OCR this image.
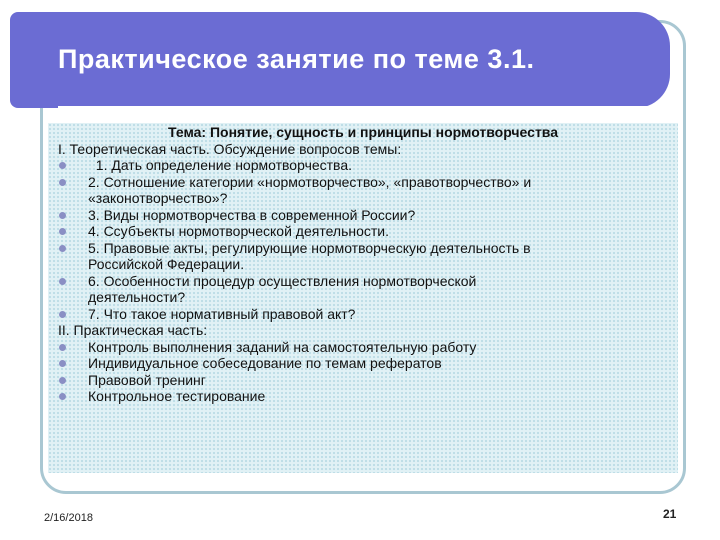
Практическое занятие по теме 3.1.
Тема: Понятие, сущность и принципы нормотворчества
I. Теоретическая часть. Обсуждение вопросов темы:
1. Дать определение нормотворчества.
2. Сотношение категории «нормотворчество», «правотворчество» и
«законотворчество»?
3. Виды нормотворчества в современной России?
4. Ссубъекты нормотворческой деятельности.
5. Правовые акты, регулирующие нормотворческую деятельность в
Российской Федерации.
6. Особенности процедур осуществления нормотворческой
деятельности?
7. Что такое нормативный правовой акт?
II. Практическая часть:
Контроль выполнения заданий на самостоятельную работу
Индивидуальное собеседование по темам рефератов
Правовой тренинг
Контрольное тестирование
2/16/2018	21
